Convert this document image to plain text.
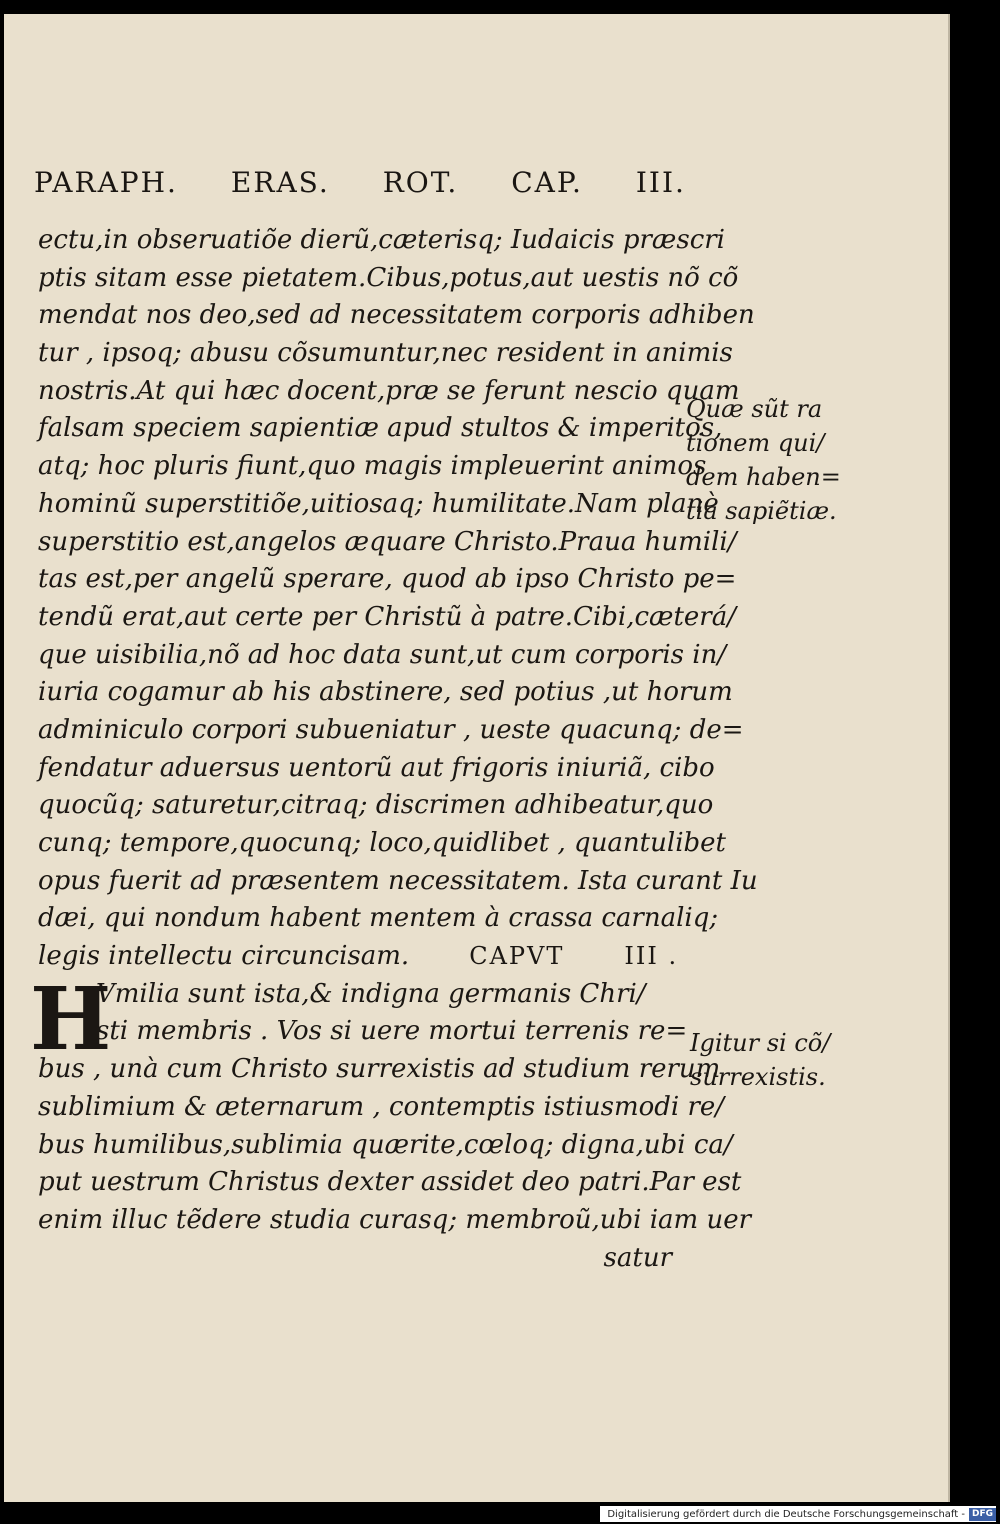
PARAPH. ERAS. ROT. CAP. III.
ectu,in obseruatiõe dierũ,cæterisq; Iudaicis præscri
ptis sitam esse pietatem.Cibus,potus,aut uestis nõ cõ
mendat nos deo,sed ad necessitatem corporis adhiben
tur , ipsoq; abusu cõsumuntur,nec resident in animis
nostris.At qui hæc docent,præ se ferunt nescio quam
falsam speciem sapientiæ apud stultos & imperitos,
atq; hoc pluris fiunt,quo magis impleuerint animos
hominũ superstitiõe,uitiosaq; humilitate.Nam planè
superstitio est,angelos æquare Christo.Praua humili/
tas est,per angelũ sperare, quod ab ipso Christo pe=
tendũ erat,aut certe per Christũ à patre.Cibi,cæterá/
que uisibilia,nõ ad hoc data sunt,ut cum corporis in/
iuria cogamur ab his abstinere, sed potius ,ut horum
adminiculo corpori subueniatur , ueste quacunq; de=
fendatur aduersus uentorũ aut frigoris iniuriã, cibo
quocũq; saturetur,citraq; discrimen adhibeatur,quo
cunq; tempore,quocunq; loco,quidlibet , quantulibet
opus fuerit ad præsentem necessitatem. Ista curant Iu
dæi, qui nondum habent mentem à crassa carnaliq;
legis intellectu circuncisam.	CAPVT	III .
H
Vmilia sunt ista,& indigna germanis Chri/
sti membris . Vos si uere mortui terrenis re=
bus , unà cum Christo surrexistis ad studium rerum
sublimium & æternarum , contemptis istiusmodi re/
bus humilibus,sublimia quærite,cœloq; digna,ubi ca/
put uestrum Christus dexter assidet deo patri.Par est
enim illuc tẽdere studia curasq; membroũ,ubi iam uer
satur
Quæ sũt ra
tionem qui/
dem haben=
tia sapiẽtiæ.
Igitur si cõ/
surrexistis.
Digitalisierung gefördert durch die Deutsche Forschungsgemeinschaft - DFG
